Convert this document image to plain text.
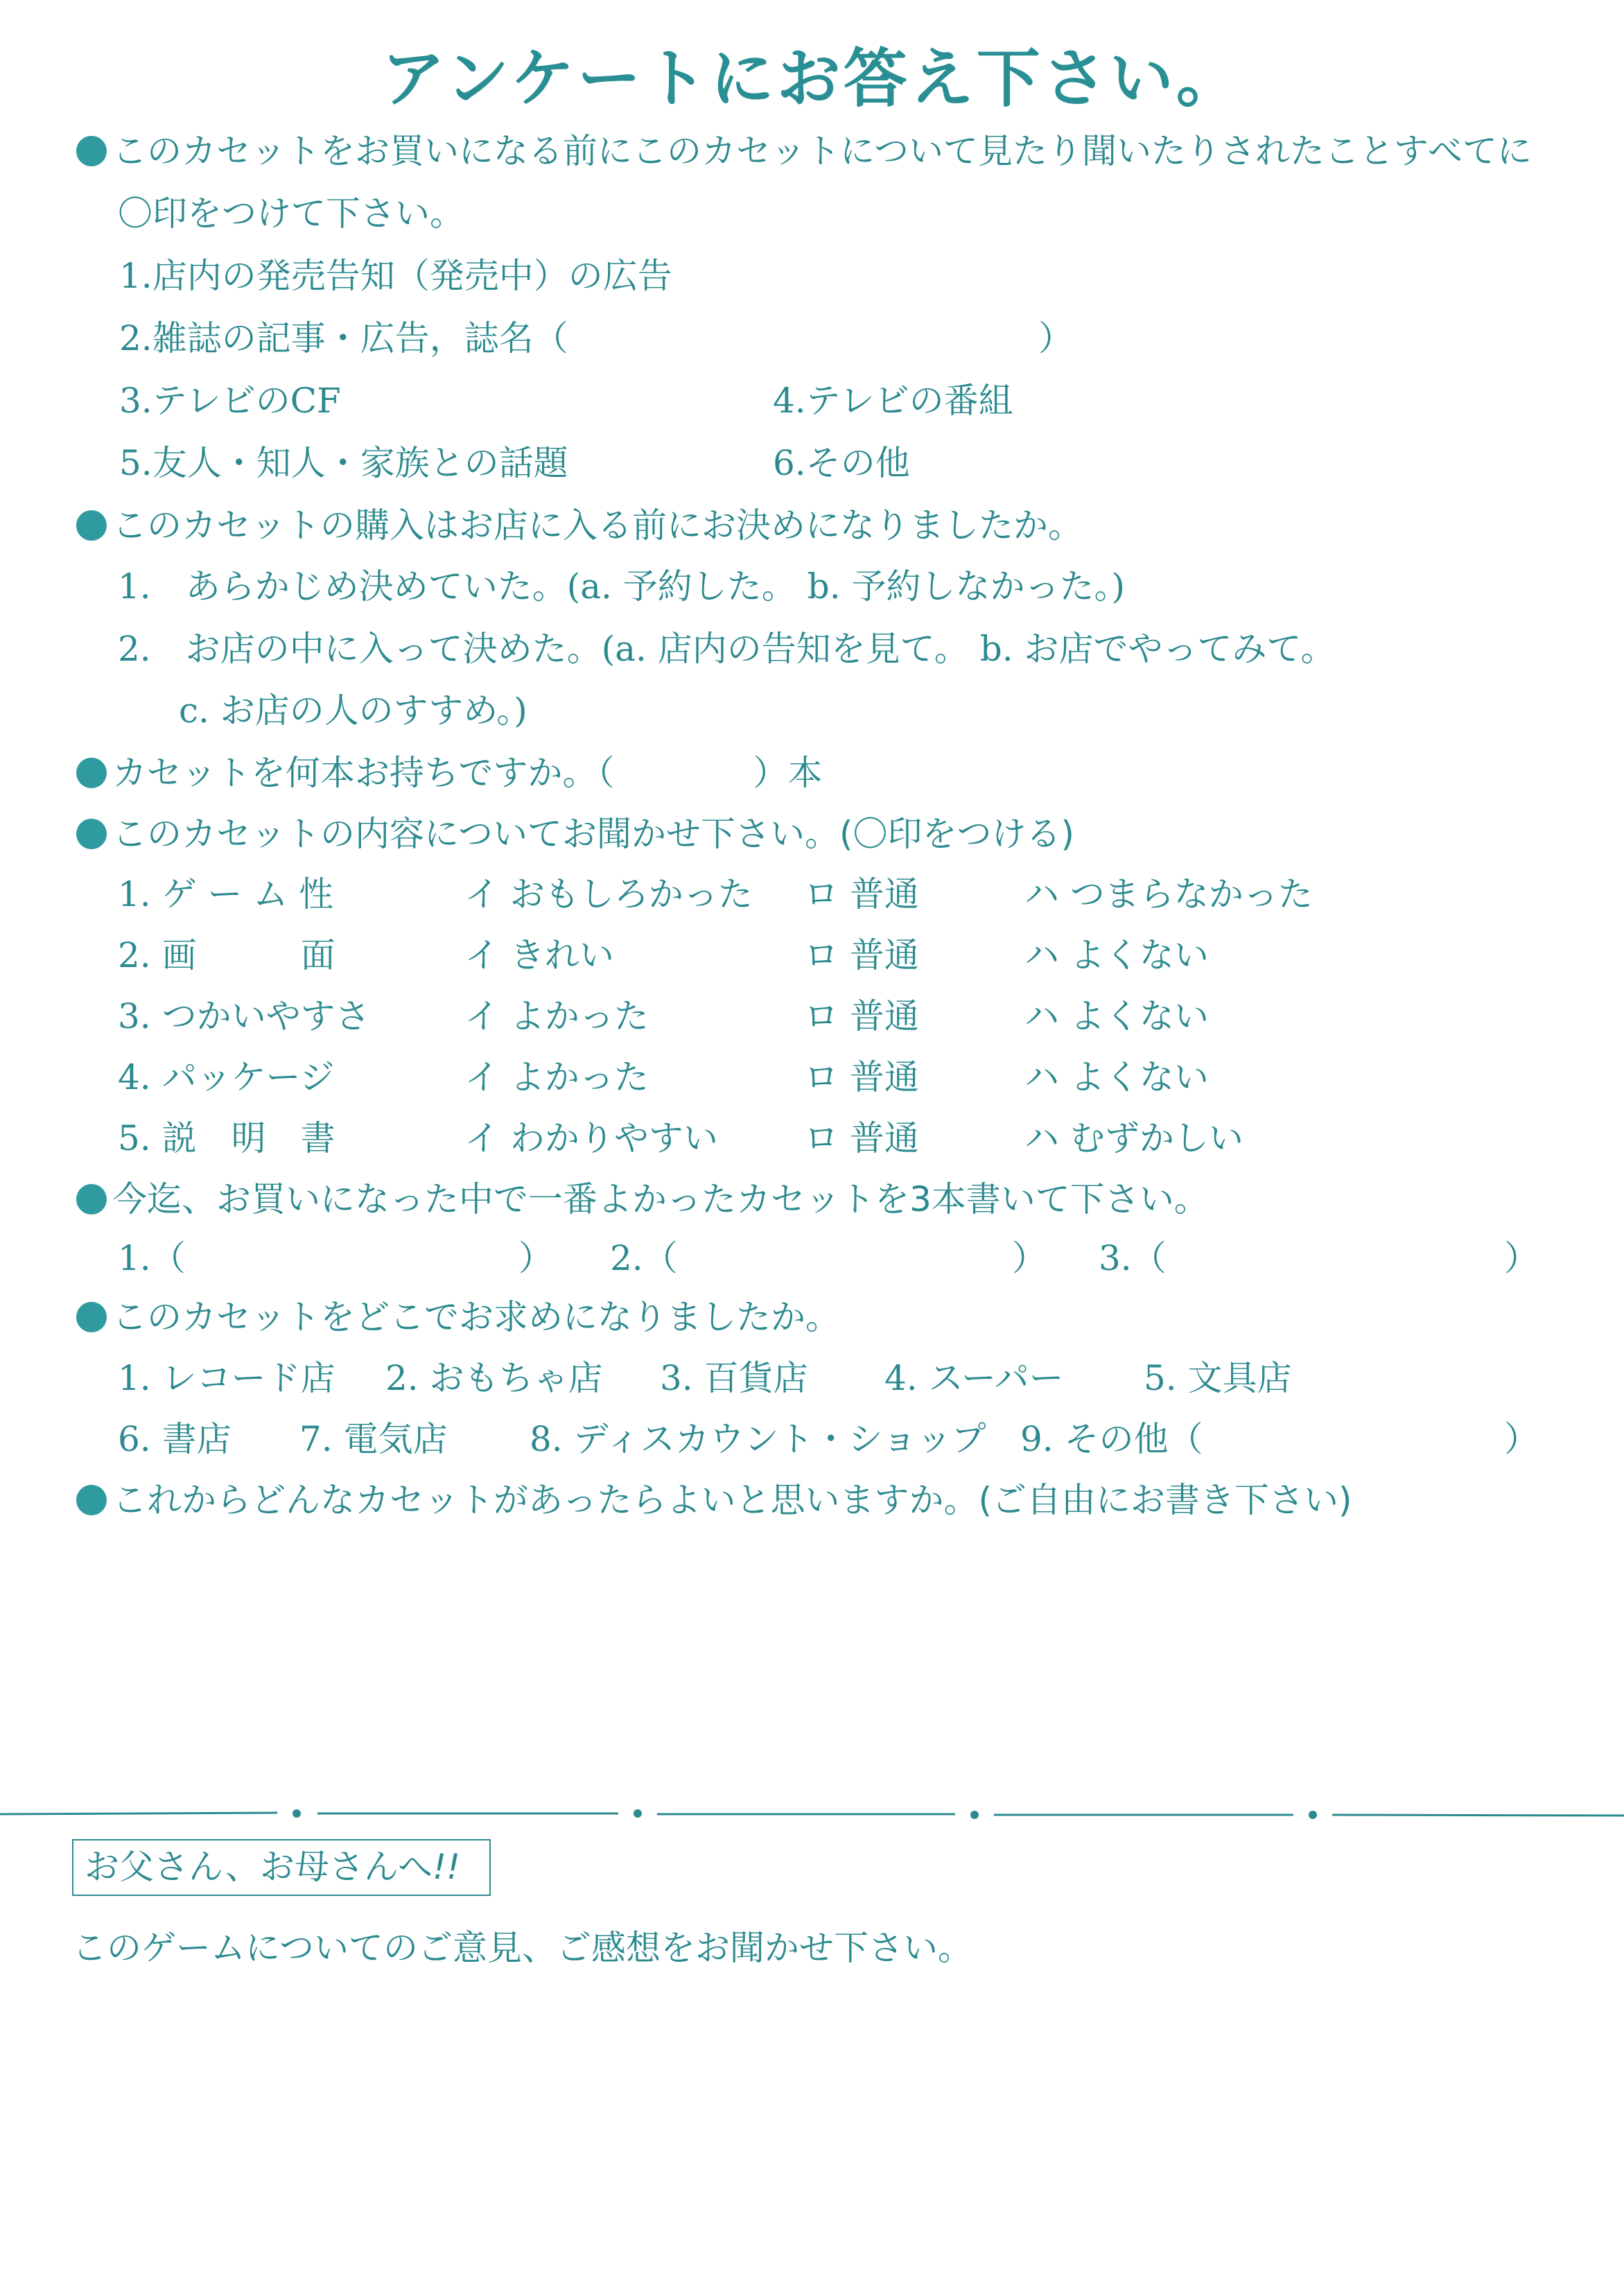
アンケートにお答え下さい。
このカセットをお買いになる前にこのカセットについて見たり聞いたりされたことすべてに
〇印をつけて下さい。
1.店内の発売告知（発売中）の広告
2.雑誌の記事・広告，誌名（	）
3.テレビのCF	4.テレビの番組
5.友人・知人・家族との話題	6.その他
このカセットの購入はお店に入る前にお決めになりましたか。
1.　あらかじめ決めていた。(a. 予約した。 b. 予約しなかった。)
2.　お店の中に入って決めた。(a. 店内の告知を見て。 b. お店でやってみて。
c. お店の人のすすめ。)
カセットを何本お持ちですか。（　　　　）本
このカセットの内容についてお聞かせ下さい。(〇印をつける)
1. ゲ ー ム 性	イ おもしろかった ロ 普通	ハ つまらなかった
2. 画　　　面	イ きれい	ロ 普通	ハ よくない
3. つかいやすさ	イ よかった	ロ 普通	ハ よくない
4. パッケージ	イ よかった	ロ 普通	ハ よくない
5. 説　明　書	イ わかりやすい ロ 普通	ハ むずかしい
今迄、お買いになった中で一番よかったカセットを3本書いて下さい。
1.（	） 2.（	） 3.（	）
このカセットをどこでお求めになりましたか。
1. レコード店 2. おもちゃ店 3. 百貨店 4. スーパー 5. 文具店
6. 書店 7. 電気店 8. ディスカウント・ショップ 9. その他（	）
これからどんなカセットがあったらよいと思いますか。(ご自由にお書き下さい)
お父さん、お母さんへ!!
このゲームについてのご意見、ご感想をお聞かせ下さい。
